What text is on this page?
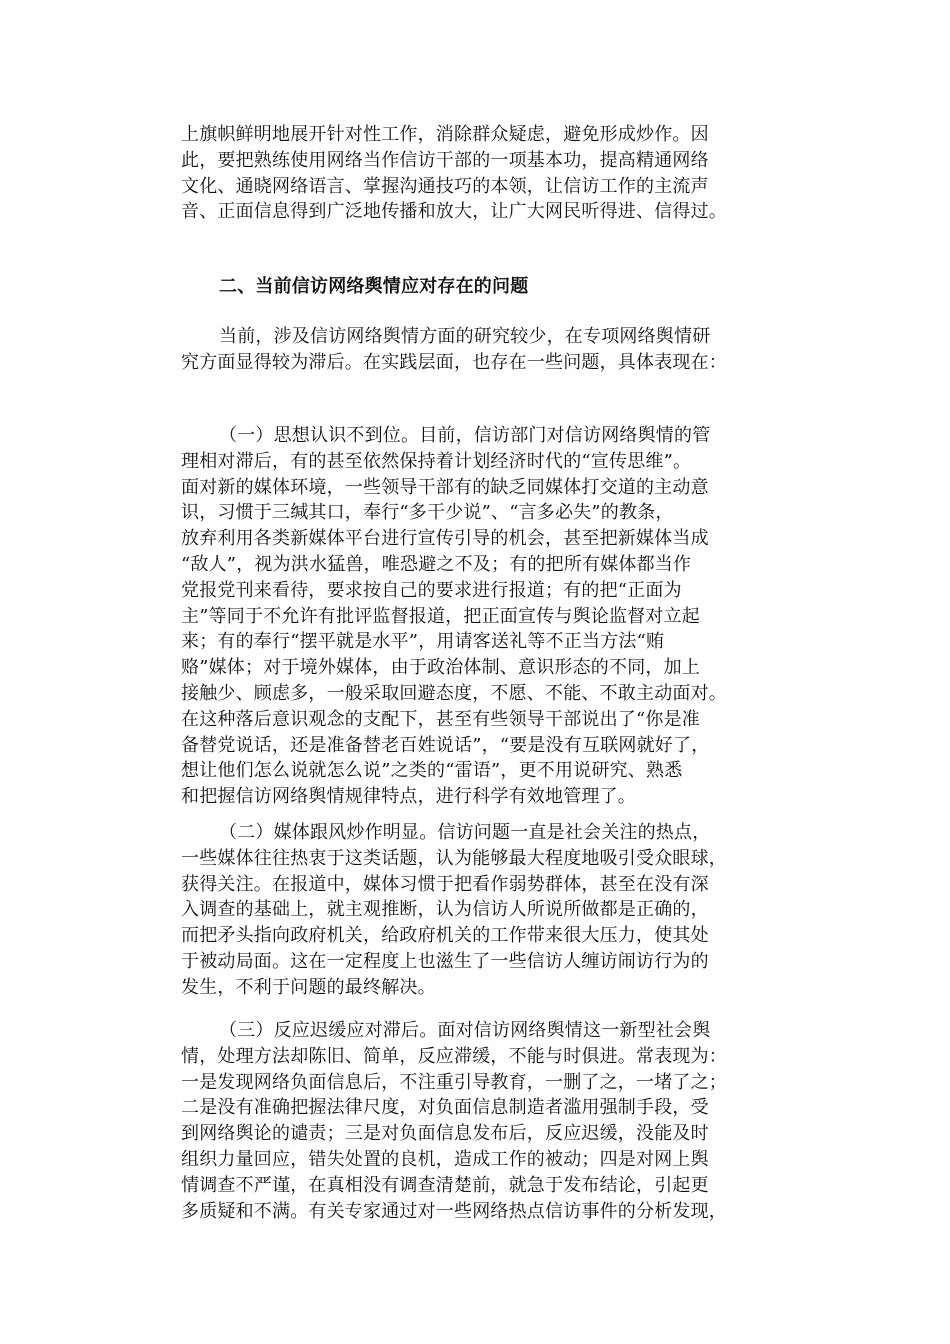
上旗帜鲜明地展开针对性工作，消除群众疑虑，避免形成炒作。因
此，要把熟练使用网络当作信访干部的一项基本功，提高精通网络
文化、通晓网络语言、掌握沟通技巧的本领，让信访工作的主流声
音、正面信息得到广泛地传播和放大，让广大网民听得进、信得过。
二、当前信访网络舆情应对存在的问题
当前，涉及信访网络舆情方面的研究较少，在专项网络舆情研
究方面显得较为滞后。在实践层面，也存在一些问题，具体表现在：
（一）思想认识不到位。目前，信访部门对信访网络舆情的管
理相对滞后，有的甚至依然保持着计划经济时代的“宣传思维”。
面对新的媒体环境，一些领导干部有的缺乏同媒体打交道的主动意
识，习惯于三缄其口，奉行“多干少说”、“言多必失”的教条，
放弃利用各类新媒体平台进行宣传引导的机会，甚至把新媒体当成
“敌人”，视为洪水猛兽，唯恐避之不及；有的把所有媒体都当作
党报党刊来看待，要求按自己的要求进行报道；有的把“正面为
主”等同于不允许有批评监督报道，把正面宣传与舆论监督对立起
来；有的奉行“摆平就是水平”，用请客送礼等不正当方法“贿
赂”媒体；对于境外媒体，由于政治体制、意识形态的不同，加上
接触少、顾虑多，一般采取回避态度，不愿、不能、不敢主动面对。
在这种落后意识观念的支配下，甚至有些领导干部说出了“你是准
备替党说话，还是准备替老百姓说话”，“要是没有互联网就好了，
想让他们怎么说就怎么说”之类的“雷语”，更不用说研究、熟悉
和把握信访网络舆情规律特点，进行科学有效地管理了。
（二）媒体跟风炒作明显。信访问题一直是社会关注的热点，
一些媒体往往热衷于这类话题，认为能够最大程度地吸引受众眼球，
获得关注。在报道中，媒体习惯于把看作弱势群体，甚至在没有深
入调查的基础上，就主观推断，认为信访人所说所做都是正确的，
而把矛头指向政府机关，给政府机关的工作带来很大压力，使其处
于被动局面。这在一定程度上也滋生了一些信访人缠访闹访行为的
发生，不利于问题的最终解决。
（三）反应迟缓应对滞后。面对信访网络舆情这一新型社会舆
情，处理方法却陈旧、简单，反应滞缓，不能与时俱进。常表现为：
一是发现网络负面信息后，不注重引导教育，一删了之，一堵了之；
二是没有准确把握法律尺度，对负面信息制造者滥用强制手段，受
到网络舆论的谴责；三是对负面信息发布后，反应迟缓，没能及时
组织力量回应，错失处置的良机，造成工作的被动；四是对网上舆
情调查不严谨，在真相没有调查清楚前，就急于发布结论，引起更
多质疑和不满。有关专家通过对一些网络热点信访事件的分析发现，
